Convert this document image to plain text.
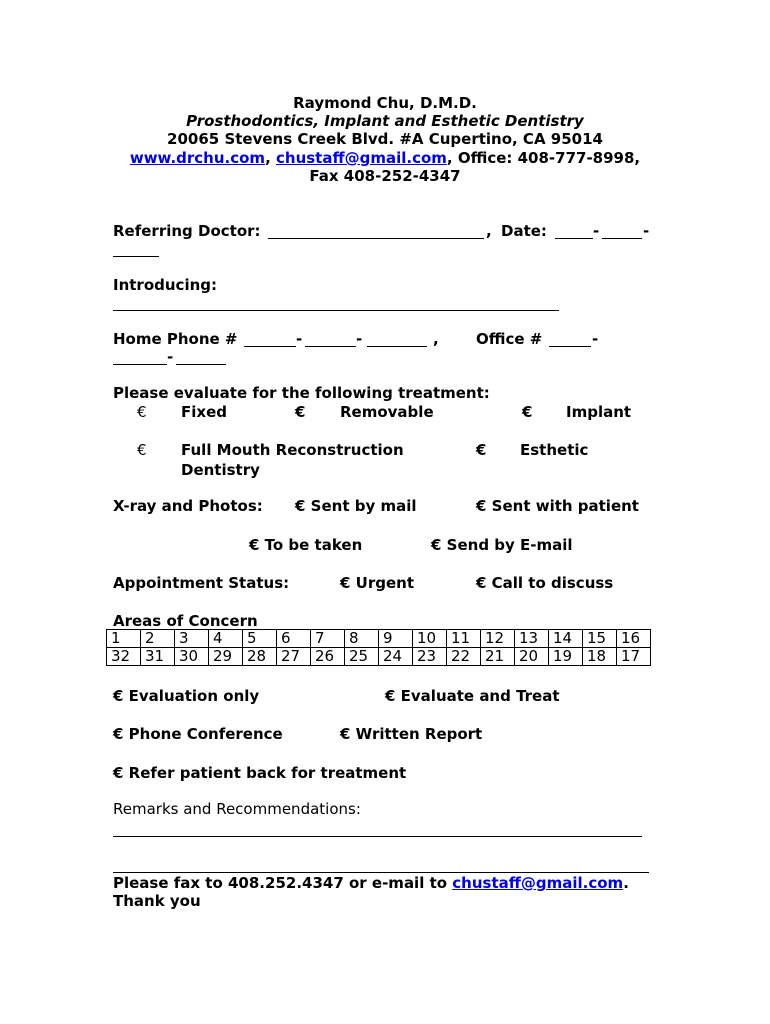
Raymond Chu, D.M.D.
Prosthodontics, Implant and Esthetic Dentistry
20065 Stevens Creek Blvd. #A Cupertino, CA 95014
www.drchu.com, chustaff@gmail.com, Office: 408-777-8998,
Fax 408-252-4347
Referring Doctor:	, Date:	-	-
Introducing:
Home Phone #	-	-	, Office #	-
-
Please evaluate for the following treatment:
€ Fixed	€ Removable	€ Implant
€ Full Mouth Reconstruction
Dentistry
€ Esthetic
X-ray and Photos: € Sent by mail	€ Sent with patient
€ To be taken	€ Send by E-mail
Appointment Status:	€ Urgent	€ Call to discuss
Areas of Concern
1	2	3	4	5	6	7	8	9	10	11	12	13	14	15	16
32	31	30	29	28	27	26	25	24	23	22	21	20	19	18	17
€ Evaluation only	€ Evaluate and Treat
€ Phone Conference	€ Written Report
€ Refer patient back for treatment
Remarks and Recommendations:
Please fax to 408.252.4347 or e-mail to chustaff@gmail.com.
Thank you
